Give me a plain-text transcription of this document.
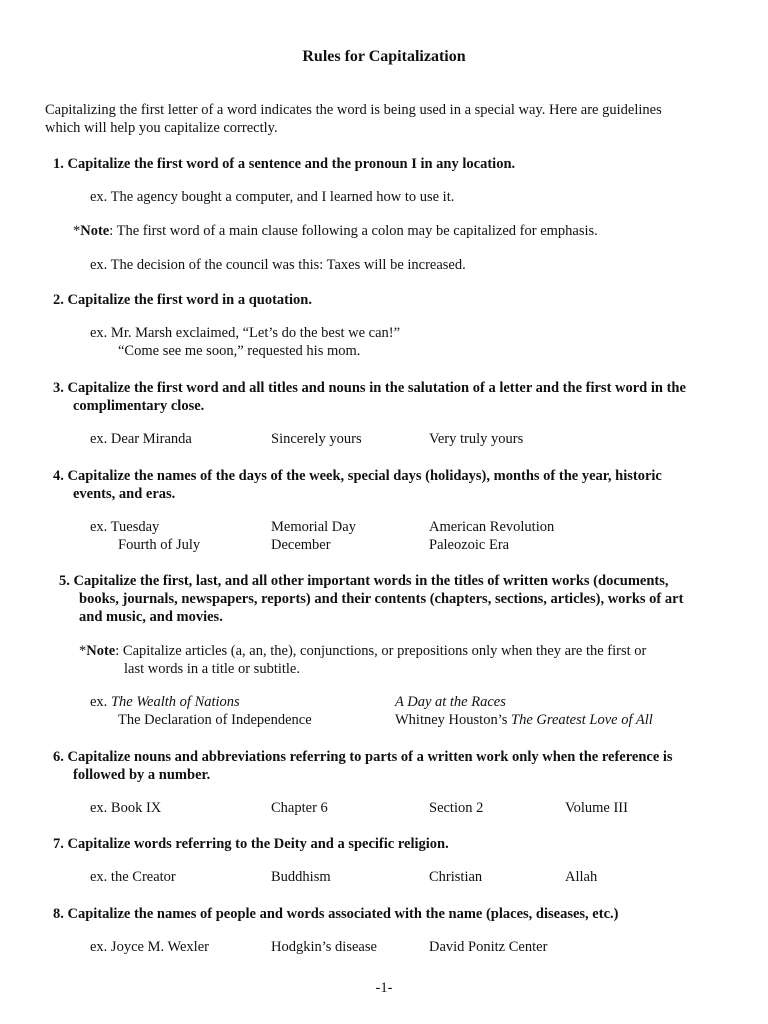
Rules for Capitalization
Capitalizing the first letter of a word indicates the word is being used in a special way. Here are guidelines
which will help you capitalize correctly.
1. Capitalize the first word of a sentence and the pronoun I in any location.
ex. The agency bought a computer, and I learned how to use it.
*Note: The first word of a main clause following a colon may be capitalized for emphasis.
ex. The decision of the council was this: Taxes will be increased.
2. Capitalize the first word in a quotation.
ex. Mr. Marsh exclaimed, “Let’s do the best we can!”
“Come see me soon,” requested his mom.
3. Capitalize the first word and all titles and nouns in the salutation of a letter and the first word in the
complimentary close.
ex. Dear Miranda	Sincerely yours	Very truly yours
4. Capitalize the names of the days of the week, special days (holidays), months of the year, historic
events, and eras.
ex. Tuesday	Memorial Day	American Revolution
Fourth of July	December	Paleozoic Era
5. Capitalize the first, last, and all other important words in the titles of written works (documents,
books, journals, newspapers, reports) and their contents (chapters, sections, articles), works of art
and music, and movies.
*Note: Capitalize articles (a, an, the), conjunctions, or prepositions only when they are the first or
last words in a title or subtitle.
ex. The Wealth of Nations	A Day at the Races
The Declaration of Independence	Whitney Houston’s The Greatest Love of All
6. Capitalize nouns and abbreviations referring to parts of a written work only when the reference is
followed by a number.
ex. Book IX	Chapter 6	Section 2	Volume III
7. Capitalize words referring to the Deity and a specific religion.
ex. the Creator	Buddhism	Christian	Allah
8. Capitalize the names of people and words associated with the name (places, diseases, etc.)
ex. Joyce M. Wexler	Hodgkin’s disease	David Ponitz Center
-1-
